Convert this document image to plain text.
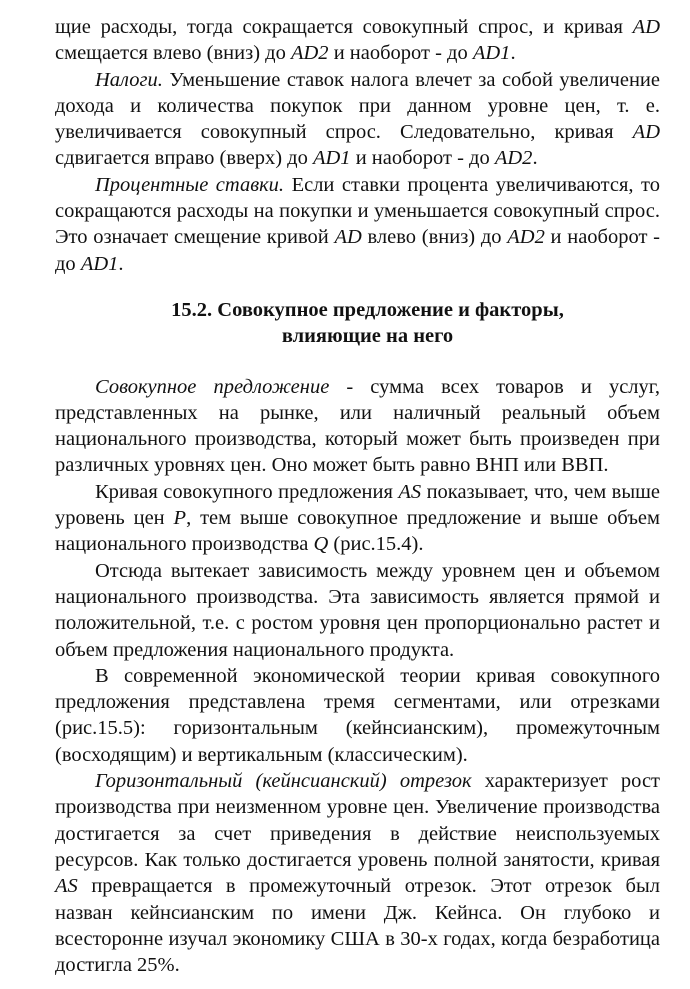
щие расходы, тогда сокращается совокупный спрос, и кривая AD смещается влево (вниз) до AD2 и наоборот - до AD1.

Налоги. Уменьшение ставок налога влечет за собой увеличение дохода и количества покупок при данном уровне цен, т. е. увеличивается совокупный спрос. Следовательно, кривая AD сдвигается вправо (вверх) до AD1 и наоборот - до AD2.

Процентные ставки. Если ставки процента увеличиваются, то сокращаются расходы на покупки и уменьшается совокупный спрос. Это означает смещение кривой AD влево (вниз) до AD2 и наоборот - до AD1.

15.2. Совокупное предложение и факторы,
влияющие на него

Совокупное предложение - сумма всех товаров и услуг, представленных на рынке, или наличный реальный объем национального производства, который может быть произведен при различных уровнях цен. Оно может быть равно ВНП или ВВП.

Кривая совокупного предложения AS показывает, что, чем выше уровень цен P, тем выше совокупное предложение и выше объем национального производства Q (рис.15.4).

Отсюда вытекает зависимость между уровнем цен и объемом национального производства. Эта зависимость является прямой и положительной, т.е. с ростом уровня цен пропорционально растет и объем предложения национального продукта.

В современной экономической теории кривая совокупного предложения представлена тремя сегментами, или отрезками (рис.15.5): горизонтальным (кейнсианским), промежуточным (восходящим) и вертикальным (классическим).

Горизонтальный (кейнсианский) отрезок характеризует рост производства при неизменном уровне цен. Увеличение производства достигается за счет приведения в действие неиспользуемых ресурсов. Как только достигается уровень полной занятости, кривая AS превращается в промежуточный отрезок. Этот отрезок был назван кейнсианским по имени Дж. Кейнса. Он глубоко и всесторонне изучал экономику США в 30-х годах, когда безработица достигла 25%.
